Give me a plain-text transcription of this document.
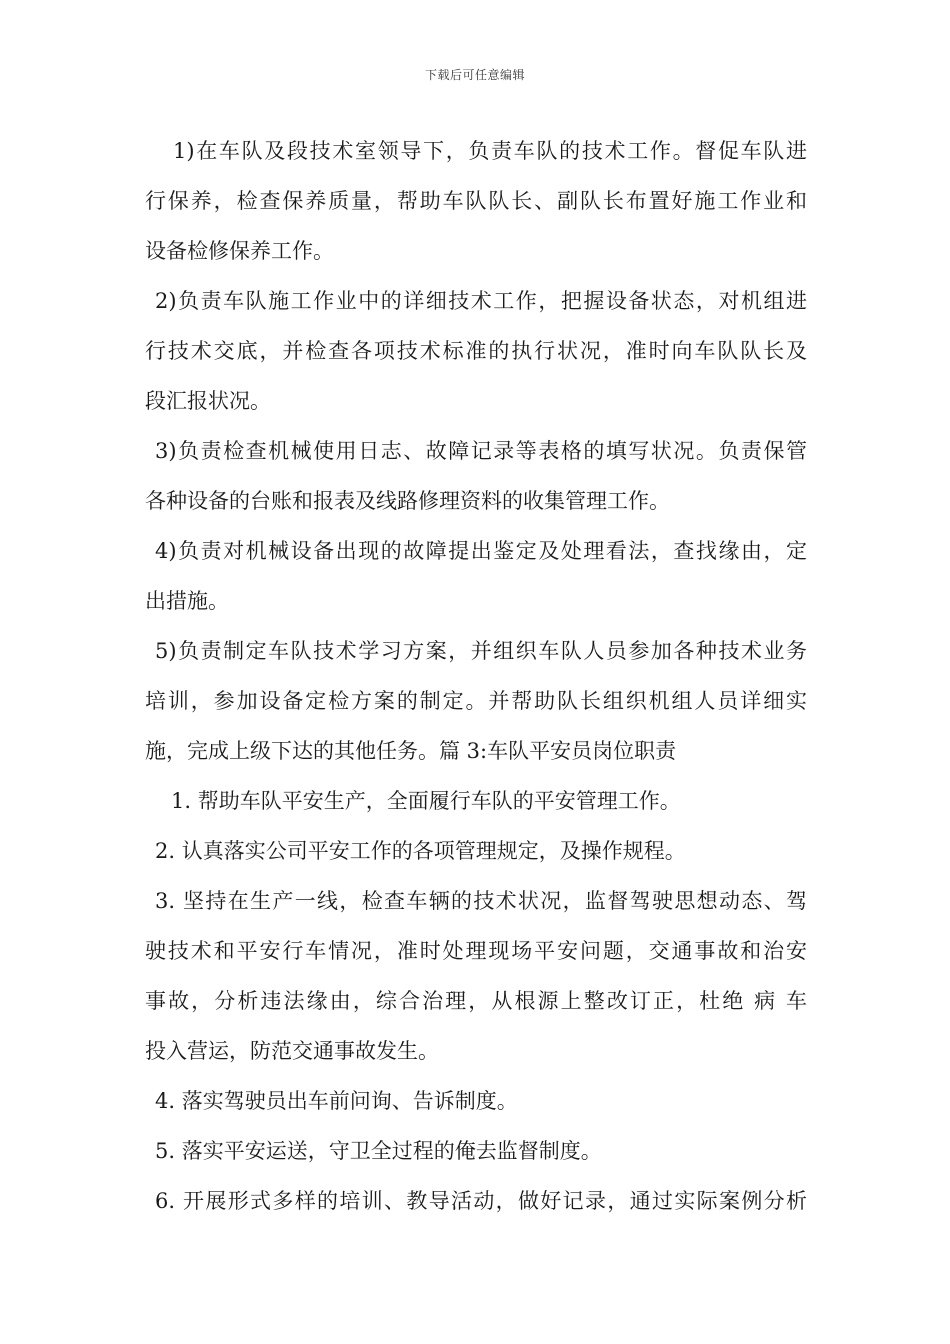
下载后可任意编辑
1)在车队及段技术室领导下，负责车队的技术工作。督促车队进
行保养，检查保养质量，帮助车队队长、副队长布置好施工作业和
设备检修保养工作。
2)负责车队施工作业中的详细技术工作，把握设备状态，对机组进
行技术交底，并检查各项技术标准的执行状况，准时向车队队长及
段汇报状况。
3)负责检查机械使用日志、故障记录等表格的填写状况。负责保管
各种设备的台账和报表及线路修理资料的收集管理工作。
4)负责对机械设备出现的故障提出鉴定及处理看法，查找缘由，定
出措施。
5)负责制定车队技术学习方案，并组织车队人员参加各种技术业务
培训，参加设备定检方案的制定。并帮助队长组织机组人员详细实
施，完成上级下达的其他任务。篇 3:车队平安员岗位职责
1. 帮助车队平安生产，全面履行车队的平安管理工作。
2. 认真落实公司平安工作的各项管理规定，及操作规程。
3. 坚持在生产一线，检查车辆的技术状况，监督驾驶思想动态、驾
驶技术和平安行车情况，准时处理现场平安问题，交通事故和治安
事故，分析违法缘由，综合治理，从根源上整改订正，杜绝 病 车
投入营运，防范交通事故发生。
4. 落实驾驶员出车前问询、告诉制度。
5. 落实平安运送，守卫全过程的俺去监督制度。
6. 开展形式多样的培训、教导活动，做好记录，通过实际案例分析
